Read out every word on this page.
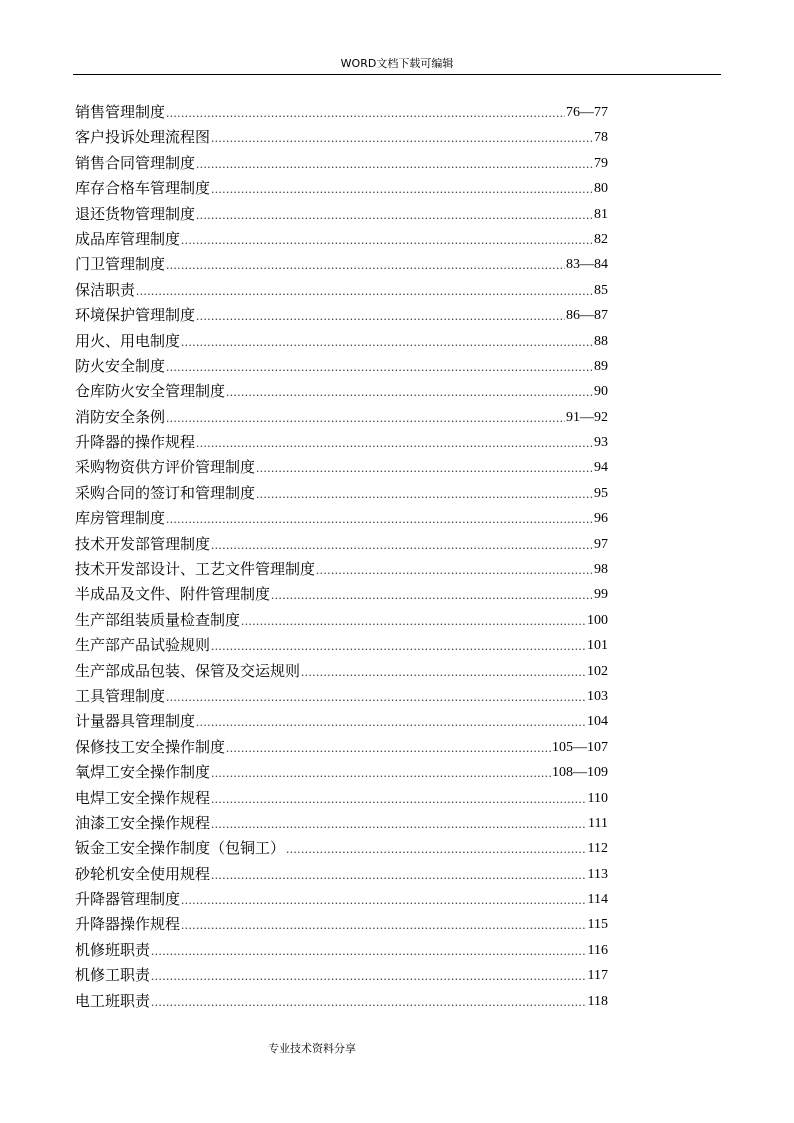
WORD文档下载可编辑
销售管理制度 .....	76—77
客户投诉处理流程图 .....	78
销售合同管理制度 .....	79
库存合格车管理制度 .....	80
退还货物管理制度 .....	81
成品库管理制度 .....	82
门卫管理制度 .....	83—84
保洁职责 .....	85
环境保护管理制度 .....	86—87
用火、用电制度 .....	88
防火安全制度 .....	89
仓库防火安全管理制度 .....	90
消防安全条例 .....	91—92
升降器的操作规程 .....	93
采购物资供方评价管理制度 .....	94
采购合同的签订和管理制度 .....	95
库房管理制度 .....	96
技术开发部管理制度 .....	97
技术开发部设计、工艺文件管理制度 .....	98
半成品及文件、附件管理制度 .....	99
生产部组装质量检查制度 .....	100
生产部产品试验规则 .....	101
生产部成品包装、保管及交运规则 .....	102
工具管理制度 .....	103
计量器具管理制度 .....	104
保修技工安全操作制度 .....	105—107
氧焊工安全操作制度 .....	108—109
电焊工安全操作规程 .....	110
油漆工安全操作规程 .....	111
钣金工安全操作制度（包铜工） .....	112
砂轮机安全使用规程 .....	113
升降器管理制度 .....	114
升降器操作规程 .....	115
机修班职责 .....	116
机修工职责 .....	117
电工班职责 .....	118
专业技术资料分享
